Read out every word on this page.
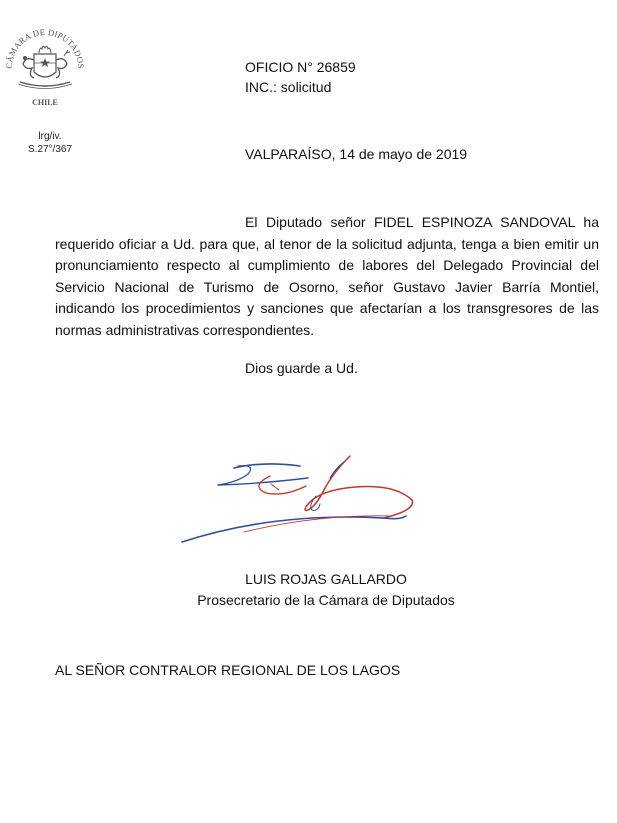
CÁMARA DE DIPUTADOS
CHILE
lrg/iv.
S.27°/367
OFICIO N° 26859
INC.: solicitud
VALPARAÍSO, 14 de mayo de 2019

El Diputado señor FIDEL ESPINOZA SANDOVAL ha requerido oficiar a Ud. para que, al tenor de la solicitud adjunta, tenga a bien emitir un pronunciamiento respecto al cumplimiento de labores del Delegado Provincial del Servicio Nacional de Turismo de Osorno, señor Gustavo Javier Barría Montiel, indicando los procedimientos y sanciones que afectarían a los transgresores de las normas administrativas correspondientes.

Dios guarde a Ud.
LUIS ROJAS GALLARDO
Prosecretario de la Cámara de Diputados
AL SEÑOR CONTRALOR REGIONAL DE LOS LAGOS
